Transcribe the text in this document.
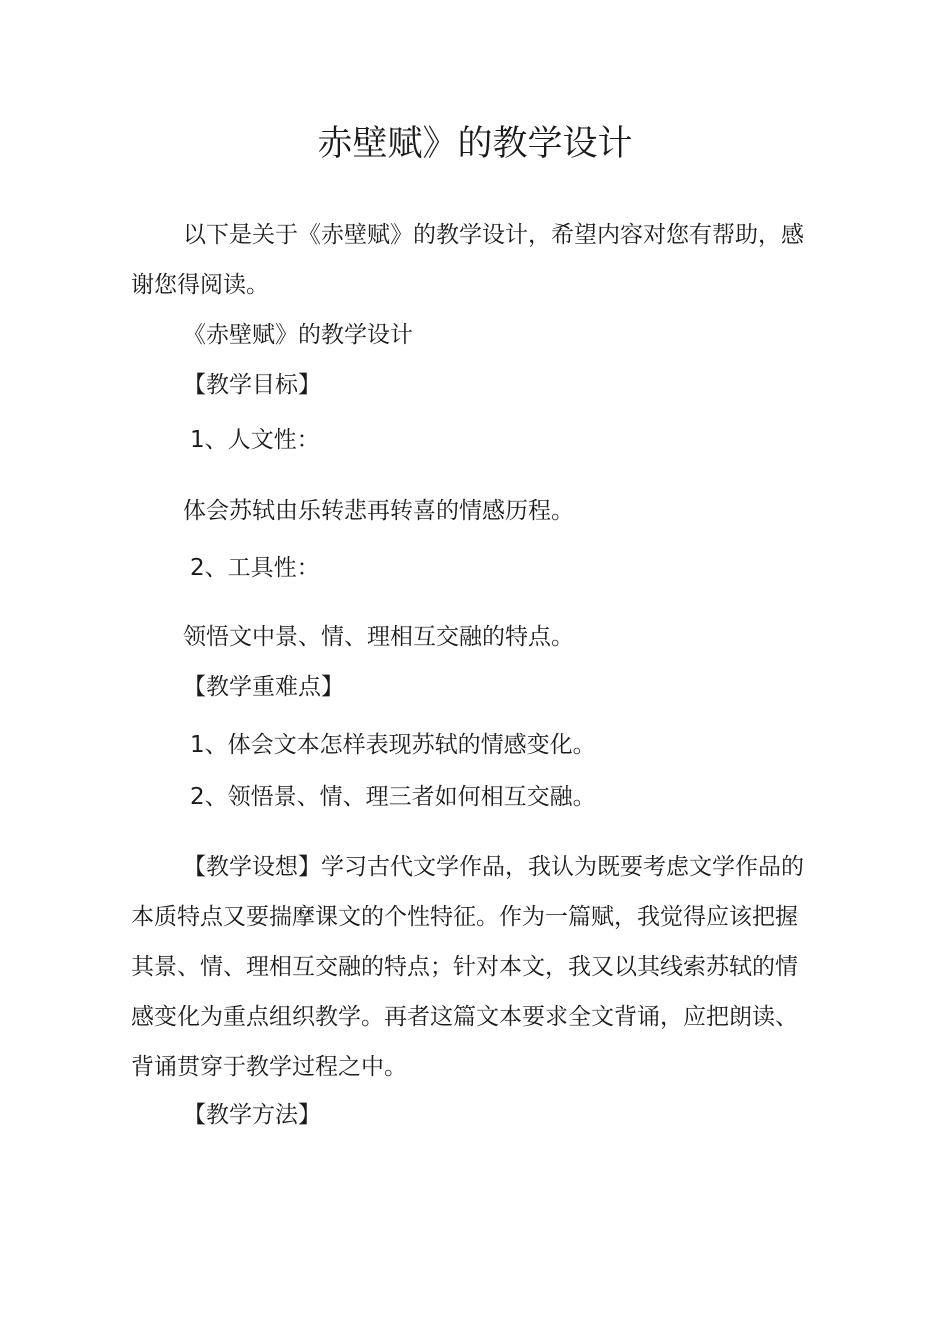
赤壁赋》的教学设计
以下是关于《赤壁赋》的教学设计，希望内容对您有帮助，感
谢您得阅读。
《赤壁赋》的教学设计
【教学目标】
1、人文性：
体会苏轼由乐转悲再转喜的情感历程。
2、工具性：
领悟文中景、情、理相互交融的特点。
【教学重难点】
1、体会文本怎样表现苏轼的情感变化。
2、领悟景、情、理三者如何相互交融。
【教学设想】学习古代文学作品，我认为既要考虑文学作品的
本质特点又要揣摩课文的个性特征。作为一篇赋，我觉得应该把握
其景、情、理相互交融的特点；针对本文，我又以其线索苏轼的情
感变化为重点组织教学。再者这篇文本要求全文背诵，应把朗读、
背诵贯穿于教学过程之中。
【教学方法】
